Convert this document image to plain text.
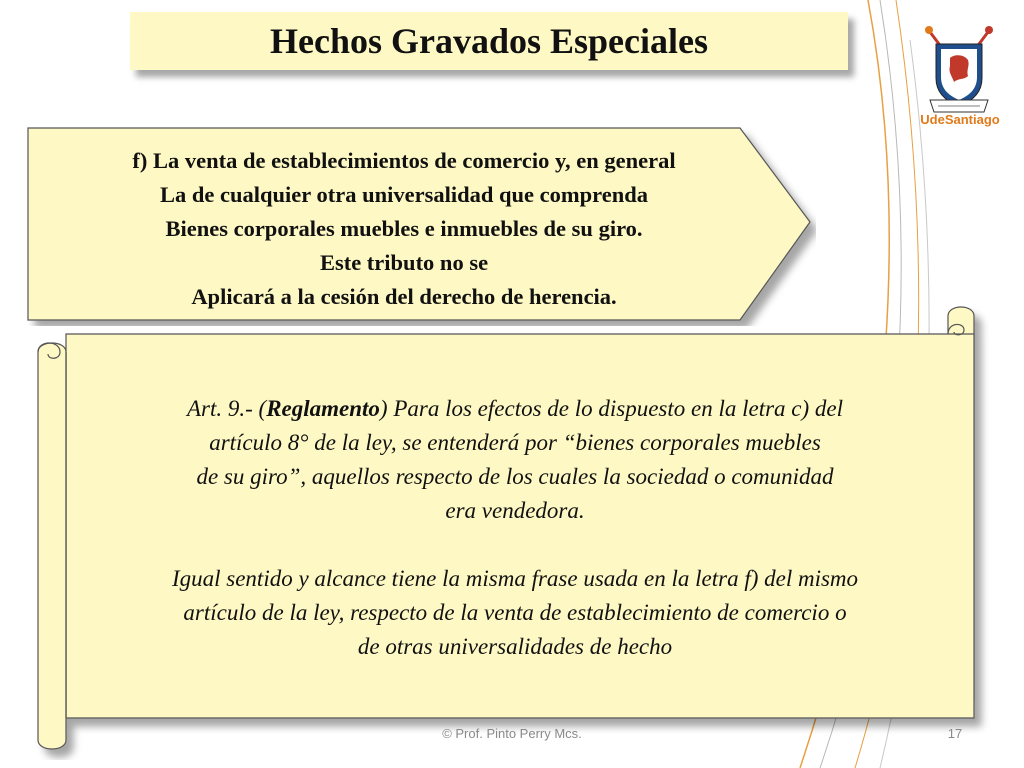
Hechos Gravados Especiales
f) La venta de establecimientos de comercio y, en general
La de cualquier otra universalidad que comprenda
Bienes corporales muebles e inmuebles de su giro.
Este tributo no se
Aplicará a la cesión del derecho de herencia.

Art. 9.- (Reglamento) Para los efectos de lo dispuesto en la letra c) del

artículo 8° de la ley, se entenderá por “bienes corporales muebles

de su giro”, aquellos respecto de los cuales la sociedad o comunidad

era vendedora.

Igual sentido y alcance tiene la misma frase usada en la letra f) del mismo

artículo de la ley, respecto de la venta de establecimiento de comercio o

de otras universalidades de hecho

UdeSantiago
© Prof. Pinto Perry Mcs.	17
